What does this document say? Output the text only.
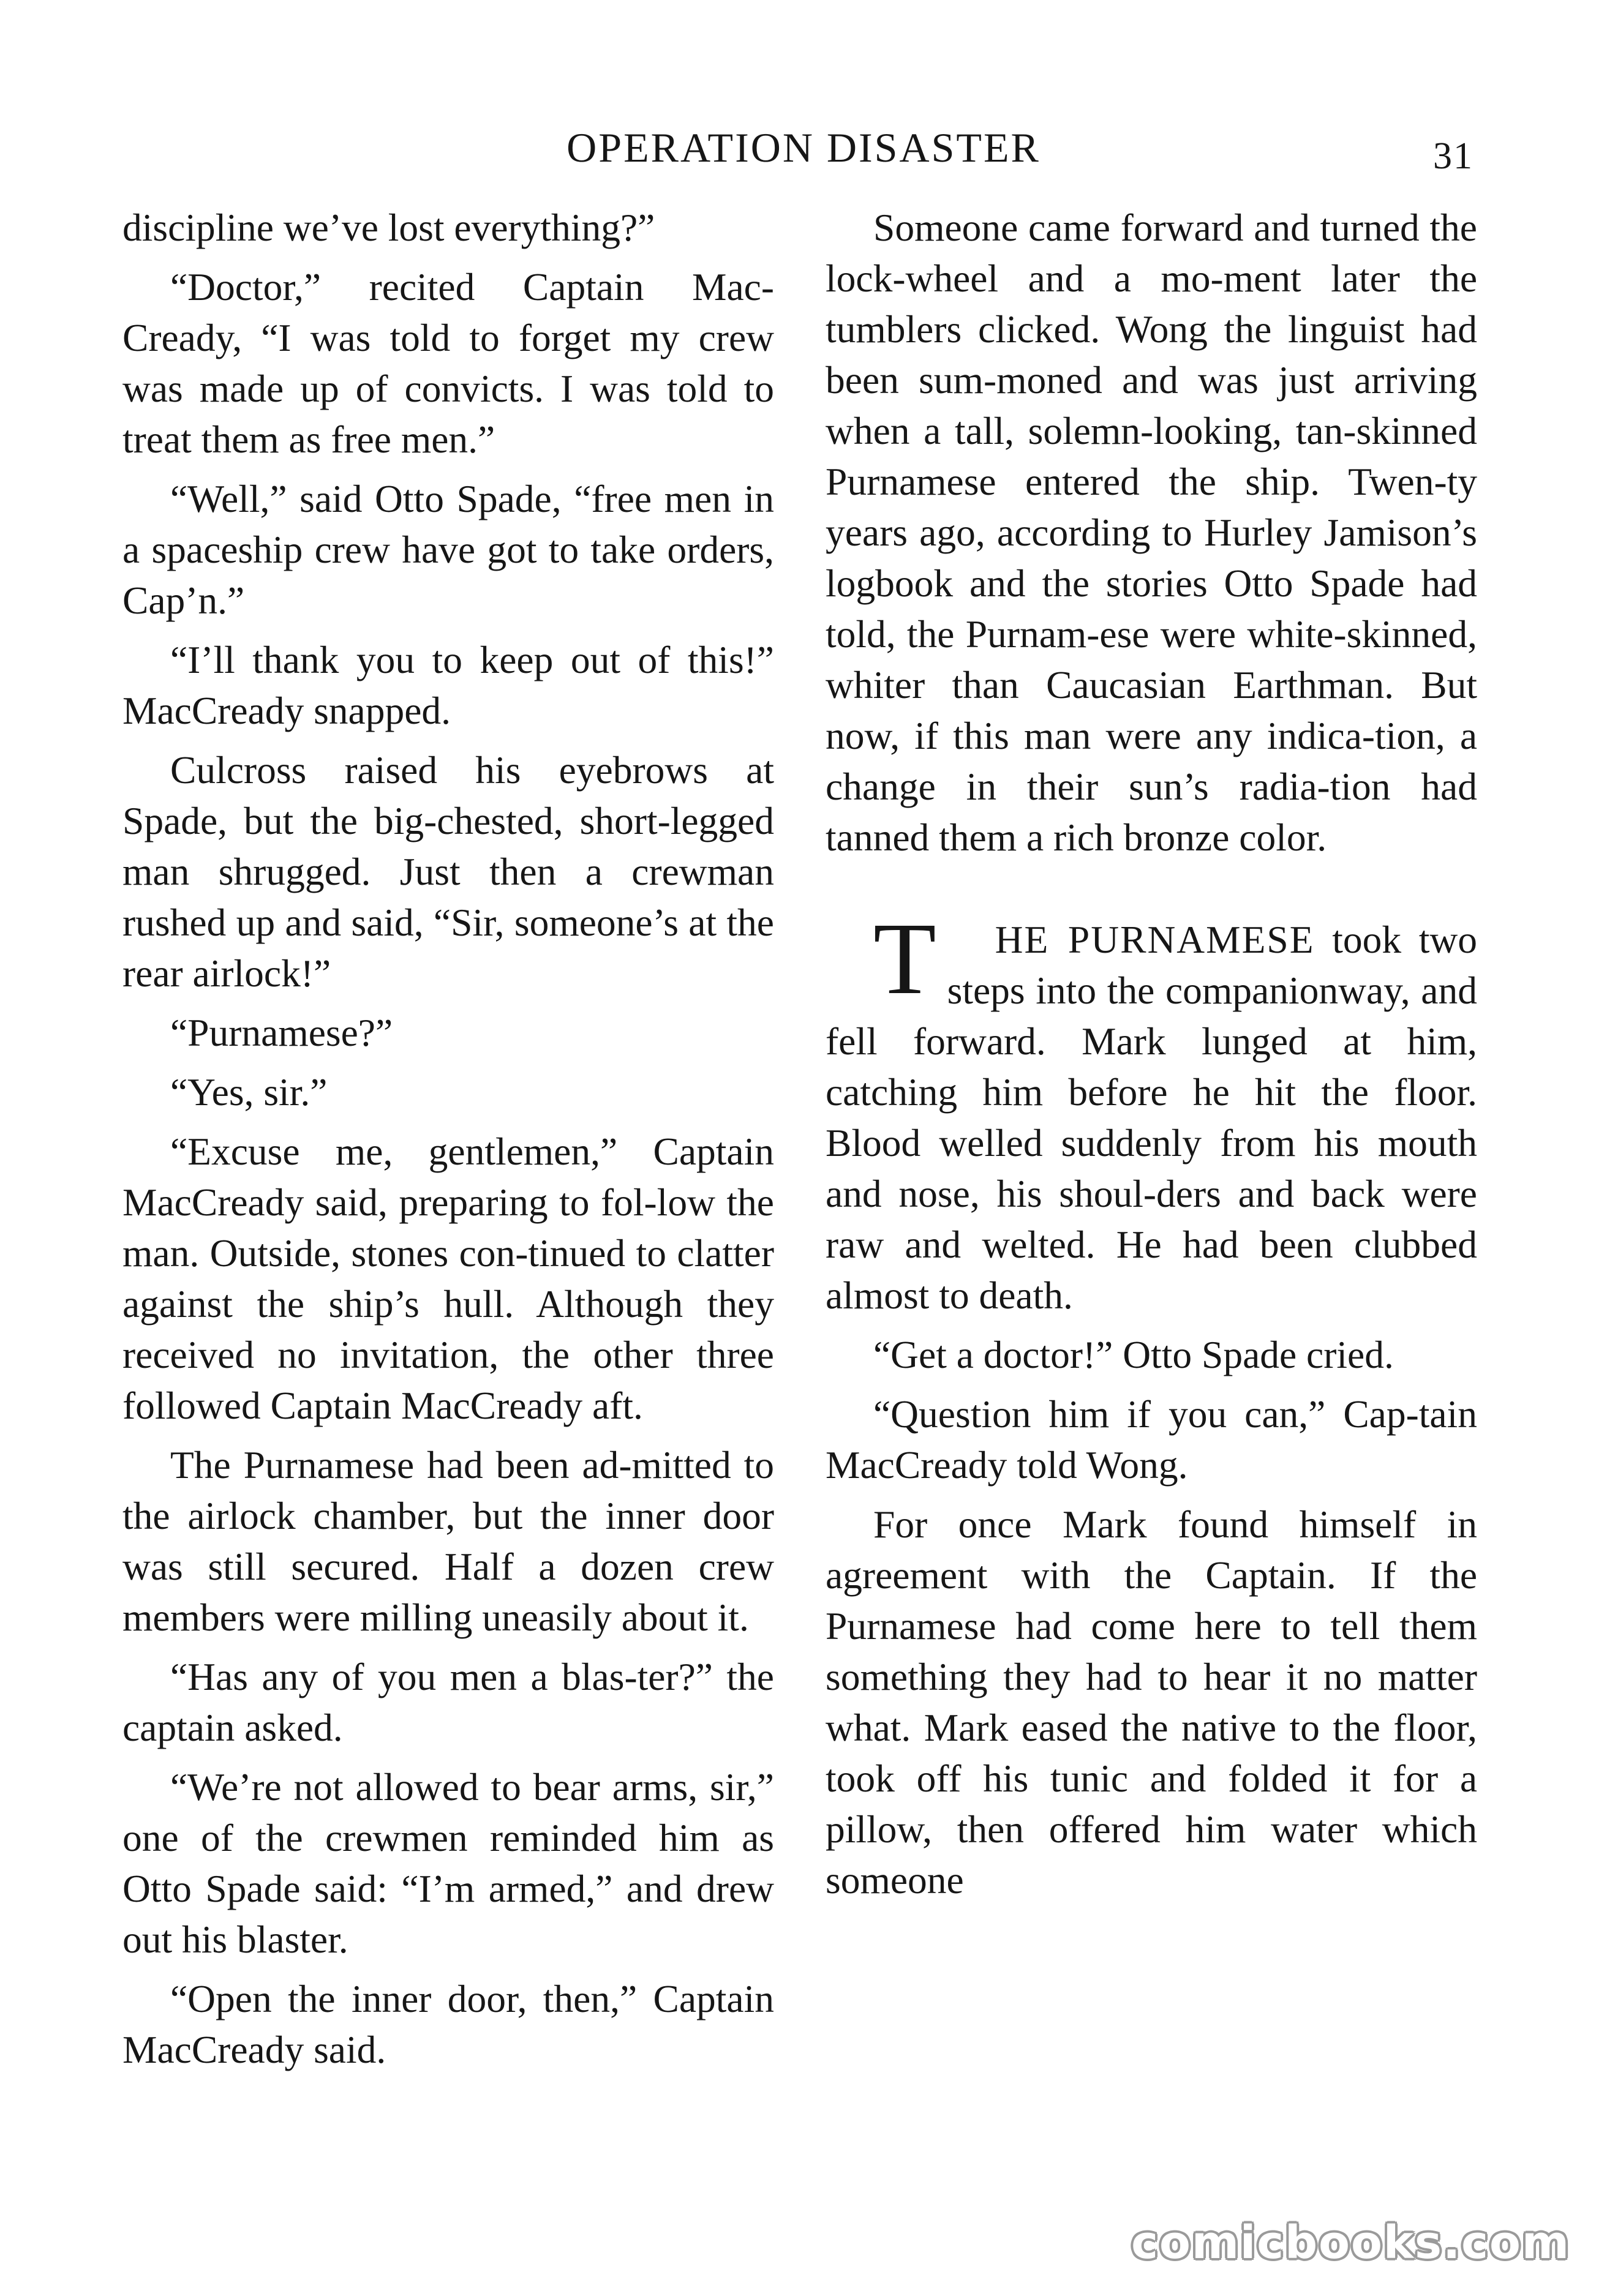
OPERATION DISASTER	31

discipline we’ve lost everything?”

“Doctor,” recited Captain Mac-Cready, “I was told to forget my crew was made up of convicts. I was told to treat them as free men.”

“Well,” said Otto Spade, “free men in a spaceship crew have got to take orders, Cap’n.”

“I’ll thank you to keep out of this!” MacCready snapped.

Culcross raised his eyebrows at Spade, but the big-chested, short-legged man shrugged. Just then a crewman rushed up and said, “Sir, someone’s at the rear airlock!”

“Purnamese?”

“Yes, sir.”

“Excuse me, gentlemen,” Captain MacCready said, preparing to fol-low the man. Outside, stones con-tinued to clatter against the ship’s hull. Although they received no invitation, the other three followed Captain MacCready aft.

The Purnamese had been ad-mitted to the airlock chamber, but the inner door was still secured. Half a dozen crew members were milling uneasily about it.

“Has any of you men a blas-ter?” the captain asked.

“We’re not allowed to bear arms, sir,” one of the crewmen reminded him as Otto Spade said: “I’m armed,” and drew out his blaster.

“Open the inner door, then,” Captain MacCready said.

Someone came forward and turned the lock-wheel and a mo-ment later the tumblers clicked. Wong the linguist had been sum-moned and was just arriving when a tall, solemn-looking, tan-skinned Purnamese entered the ship. Twen-ty years ago, according to Hurley Jamison’s logbook and the stories Otto Spade had told, the Purnam-ese were white-skinned, whiter than Caucasian Earthman. But now, if this man were any indica-tion, a change in their sun’s radia-tion had tanned them a rich bronze color.

T HE PURNAMESE took two steps into the companionway, and fell forward. Mark lunged at him, catching him before he hit the floor. Blood welled suddenly from his mouth and nose, his shoul-ders and back were raw and welted. He had been clubbed almost to death.

“Get a doctor!” Otto Spade cried.

“Question him if you can,” Cap-tain MacCready told Wong.

For once Mark found himself in agreement with the Captain. If the Purnamese had come here to tell them something they had to hear it no matter what. Mark eased the native to the floor, took off his tunic and folded it for a pillow, then offered him water which someone

comicbooks.com
